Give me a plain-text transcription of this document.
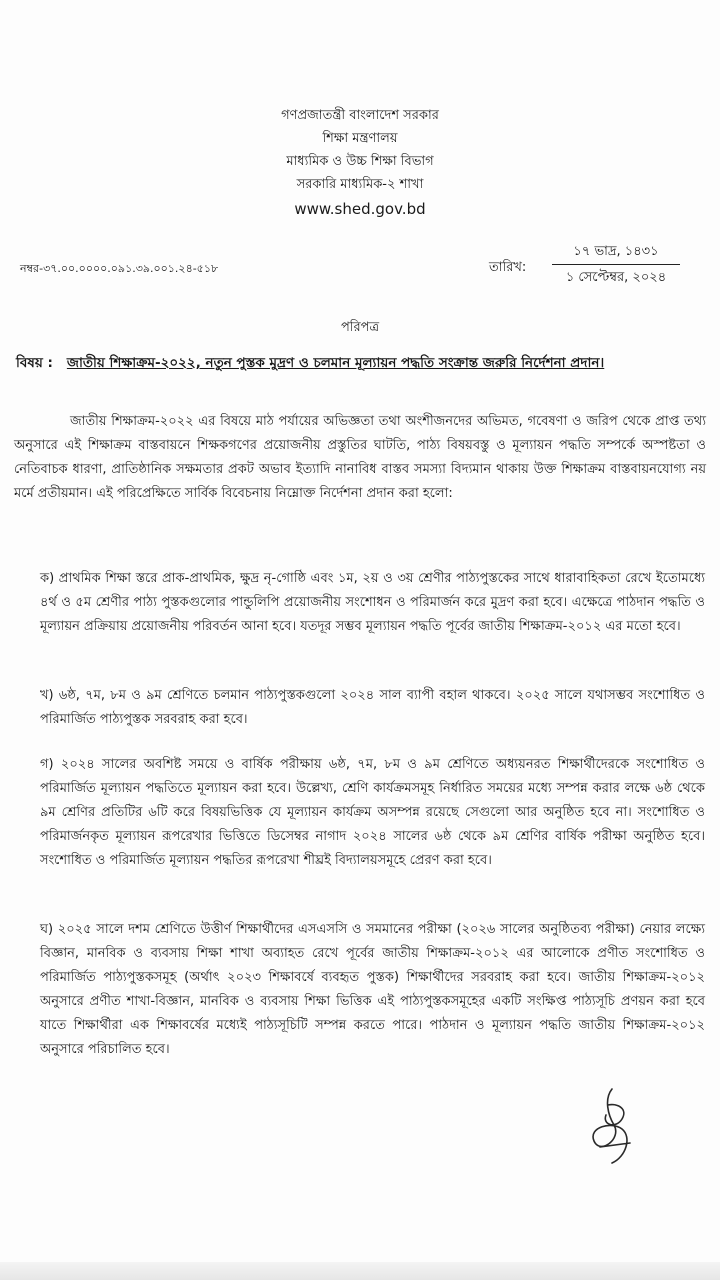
গণপ্রজাতন্ত্রী বাংলাদেশ সরকার
শিক্ষা মন্ত্রণালয়
মাধ্যমিক ও উচ্চ শিক্ষা বিভাগ
সরকারি মাধ্যমিক-২ শাখা
www.shed.gov.bd
নম্বর-৩৭.০০.০০০০.০৯১.৩৯.০০১.২৪-৫১৮	তারিখ:
১৭ ভাদ্র, ১৪৩১
১ সেপ্টেম্বর, ২০২৪
পরিপত্র
বিষয় : জাতীয় শিক্ষাক্রম-২০২২, নতুন পুস্তক মুদ্রণ ও চলমান মূল্যায়ন পদ্ধতি সংক্রান্ত জরুরি নির্দেশনা প্রদান।

জাতীয় শিক্ষাক্রম-২০২২ এর বিষয়ে মাঠ পর্যায়ের অভিজ্ঞতা তথা অংশীজনদের অভিমত, গবেষণা ও জরিপ থেকে প্রাপ্ত তথ্য অনুসারে এই শিক্ষাক্রম বাস্তবায়নে শিক্ষকগণের প্রয়োজনীয় প্রস্তুতির ঘাটতি, পাঠ্য বিষয়বস্তু ও মূল্যায়ন পদ্ধতি সম্পর্কে অস্পষ্টতা ও নেতিবাচক ধারণা, প্রাতিষ্ঠানিক সক্ষমতার প্রকট অভাব ইত্যাদি নানাবিধ বাস্তব সমস্যা বিদ্যমান থাকায় উক্ত শিক্ষাক্রম বাস্তবায়নযোগ্য নয় মর্মে প্রতীয়মান। এই পরিপ্রেক্ষিতে সার্বিক বিবেচনায় নিম্নোক্ত নির্দেশনা প্রদান করা হলো:

ক) প্রাথমিক শিক্ষা স্তরে প্রাক-প্রাথমিক, ক্ষুদ্র নৃ-গোষ্ঠি এবং ১ম, ২য় ও ৩য় শ্রেণীর পাঠ্যপুস্তকের সাথে ধারাবাহিকতা রেখে ইতোমধ্যে ৪র্থ ও ৫ম শ্রেণীর পাঠ্য পুস্তকগুলোর পান্ডুলিপি প্রয়োজনীয় সংশোধন ও পরিমার্জন করে মুদ্রণ করা হবে। এক্ষেত্রে পাঠদান পদ্ধতি ও মূল্যায়ন প্রক্রিয়ায় প্রয়োজনীয় পরিবর্তন আনা হবে। যতদূর সম্ভব মূল্যায়ন পদ্ধতি পূর্বের জাতীয় শিক্ষাক্রম-২০১২ এর মতো হবে।

খ) ৬ষ্ঠ, ৭ম, ৮ম ও ৯ম শ্রেণিতে চলমান পাঠ্যপুস্তকগুলো ২০২৪ সাল ব্যাপী বহাল থাকবে। ২০২৫ সালে যথাসম্ভব সংশোধিত ও পরিমার্জিত পাঠ্যপুস্তক সরবরাহ করা হবে।

গ) ২০২৪ সালের অবশিষ্ট সময়ে ও বার্ষিক পরীক্ষায় ৬ষ্ঠ, ৭ম, ৮ম ও ৯ম শ্রেণিতে অধ্যয়নরত শিক্ষার্থীদেরকে সংশোধিত ও পরিমার্জিত মূল্যায়ন পদ্ধতিতে মূল্যায়ন করা হবে। উল্লেখ্য, শ্রেণি কার্যক্রমসমূহ নির্ধারিত সময়ের মধ্যে সম্পন্ন করার লক্ষে ৬ষ্ঠ থেকে ৯ম শ্রেণির প্রতিটির ৬টি করে বিষয়ভিত্তিক যে মূল্যায়ন কার্যক্রম অসম্পন্ন রয়েছে সেগুলো আর অনুষ্ঠিত হবে না। সংশোধিত ও পরিমার্জনকৃত মূল্যায়ন রূপরেখার ভিত্তিতে ডিসেম্বর নাগাদ ২০২৪ সালের ৬ষ্ঠ থেকে ৯ম শ্রেণির বার্ষিক পরীক্ষা অনুষ্ঠিত হবে। সংশোধিত ও পরিমার্জিত মূল্যায়ন পদ্ধতির রূপরেখা শীঘ্রই বিদ্যালয়সমূহে প্রেরণ করা হবে।

ঘ) ২০২৫ সালে দশম শ্রেণিতে উত্তীর্ণ শিক্ষার্থীদের এসএসসি ও সমমানের পরীক্ষা (২০২৬ সালের অনুষ্ঠিতব্য পরীক্ষা) নেয়ার লক্ষ্যে বিজ্ঞান, মানবিক ও ব্যবসায় শিক্ষা শাখা অব্যাহত রেখে পূর্বের জাতীয় শিক্ষাক্রম-২০১২ এর আলোকে প্রণীত সংশোধিত ও পরিমার্জিত পাঠ্যপুস্তকসমূহ (অর্থাৎ ২০২৩ শিক্ষাবর্ষে ব্যবহৃত পুস্তক) শিক্ষার্থীদের সরবরাহ করা হবে। জাতীয় শিক্ষাক্রম-২০১২ অনুসারে প্রণীত শাখা-বিজ্ঞান, মানবিক ও ব্যবসায় শিক্ষা ভিত্তিক এই পাঠ্যপুস্তকসমূহের একটি সংক্ষিপ্ত পাঠ্যসূচি প্রণয়ন করা হবে যাতে শিক্ষার্থীরা এক শিক্ষাবর্ষের মধ্যেই পাঠ্যসূচিটি সম্পন্ন করতে পারে। পাঠদান ও মূল্যায়ন পদ্ধতি জাতীয় শিক্ষাক্রম-২০১২ অনুসারে পরিচালিত হবে।
